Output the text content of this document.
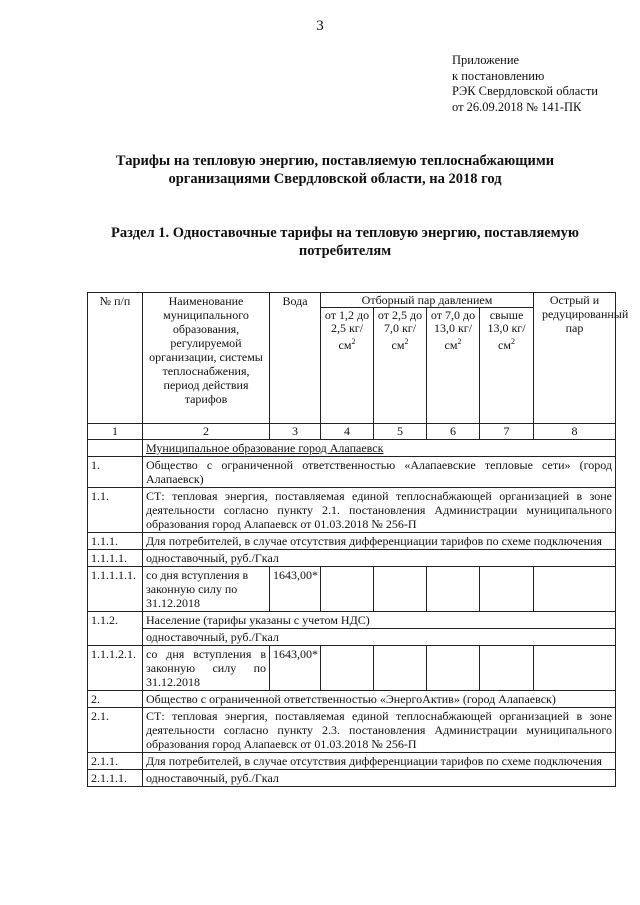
3
Приложение
к постановлению
РЭК Свердловской области
от 26.09.2018 № 141-ПК
Тарифы на тепловую энергию, поставляемую теплоснабжающими
организациями Свердловской области, на 2018 год
Раздел 1. Одноставочные тарифы на тепловую энергию, поставляемую
потребителям
№ п/п	Наименование муниципального образования, регулируемой организации, системы теплоснабжения, период действия тарифов	Вода	Отборный пар давлением				Острый и редуцированный пар
			от 1,2 до 2,5 $кг/см^2$	от 2,5 до 7,0 $кг/см^2$	от 7,0 до 13,0 $кг/см^2$	свыше 13,0 $кг/см^2$
1	2	3	4	5	6	7	8
	Муниципальное образование город Алапаевск						
1.	Общество с ограниченной ответственностью «Алапаевские тепловые сети» (город Алапаевск)						
1.1.	СТ: тепловая энергия, поставляемая единой теплоснабжающей организацией в зоне деятельности согласно пункту 2.1. постановления Администрации муниципального образования город Алапаевск от 01.03.2018 № 256-П						
1.1.1.	Для потребителей, в случае отсутствия дифференциации тарифов по схеме подключения						
1.1.1.1.	одноставочный, руб./Гкал						
1.1.1.1.1.	со дня вступления в законную силу по 31.12.2018	1643,00*					
1.1.2.	Население (тарифы указаны с учетом НДС)						
	одноставочный, руб./Гкал						
1.1.1.2.1.	со дня вступления в законную силу по 31.12.2018	1643,00*					
2.	Общество с ограниченной ответственностью «ЭнергоАктив» (город Алапаевск)						
2.1.	СТ: тепловая энергия, поставляемая единой теплоснабжающей организацией в зоне деятельности согласно пункту 2.3. постановления Администрации муниципального образования город Алапаевск от 01.03.2018 № 256-П						
2.1.1.	Для потребителей, в случае отсутствия дифференциации тарифов по схеме подключения						
2.1.1.1.	одноставочный, руб./Гкал						
